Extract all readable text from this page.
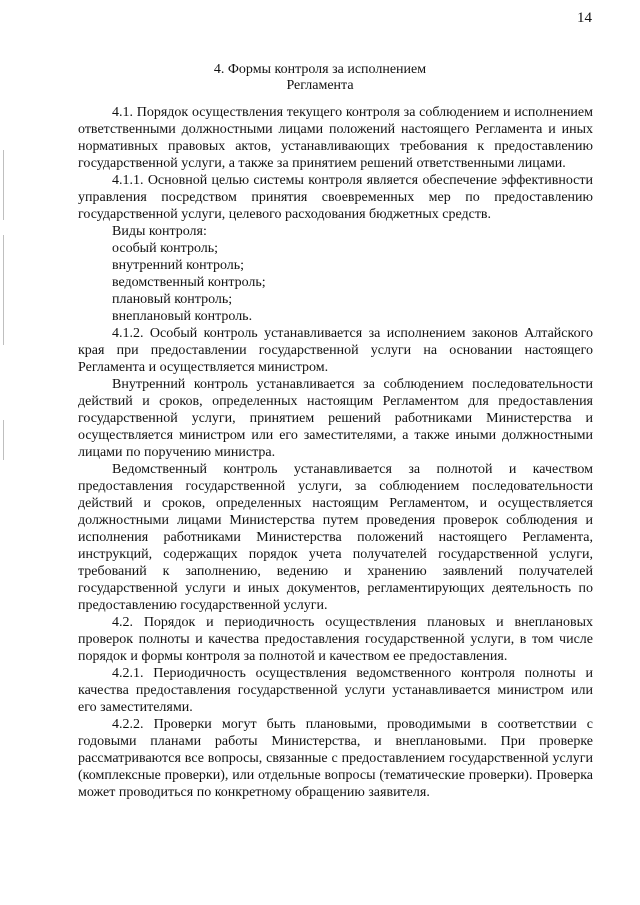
14
4. Формы контроля за исполнением
Регламента

4.1. Порядок осуществления текущего контроля за соблюдением и исполнением ответственными должностными лицами положений настоящего Регламента и иных нормативных правовых актов, устанавливающих требования к предоставлению государственной услуги, а также за принятием решений ответственными лицами.

4.1.1. Основной целью системы контроля является обеспечение эффективности управления посредством принятия своевременных мер по предоставлению государственной услуги, целевого расходования бюджетных средств.

Виды контроля:

особый контроль;

внутренний контроль;

ведомственный контроль;

плановый контроль;

внеплановый контроль.

4.1.2. Особый контроль устанавливается за исполнением законов Алтайского края при предоставлении государственной услуги на основании настоящего Регламента и осуществляется министром.

Внутренний контроль устанавливается за соблюдением последовательности действий и сроков, определенных настоящим Регламентом для предоставления государственной услуги, принятием решений работниками Министерства и осуществляется министром или его заместителями, а также иными должностными лицами по поручению министра.

Ведомственный контроль устанавливается за полнотой и качеством предоставления государственной услуги, за соблюдением последовательности действий и сроков, определенных настоящим Регламентом, и осуществляется должностными лицами Министерства путем проведения проверок соблюдения и исполнения работниками Министерства положений настоящего Регламента, инструкций, содержащих порядок учета получателей государственной услуги, требований к заполнению, ведению и хранению заявлений получателей государственной услуги и иных документов, регламентирующих деятельность по предоставлению государственной услуги.

4.2. Порядок и периодичность осуществления плановых и внеплановых проверок полноты и качества предоставления государственной услуги, в том числе порядок и формы контроля за полнотой и качеством ее предоставления.

4.2.1. Периодичность осуществления ведомственного контроля полноты и качества предоставления государственной услуги устанавливается министром или его заместителями.

4.2.2. Проверки могут быть плановыми, проводимыми в соответствии с годовыми планами работы Министерства, и внеплановыми. При проверке рассматриваются все вопросы, связанные с предоставлением государственной услуги (комплексные проверки), или отдельные вопросы (тематические проверки). Проверка может проводиться по конкретному обращению заявителя.
